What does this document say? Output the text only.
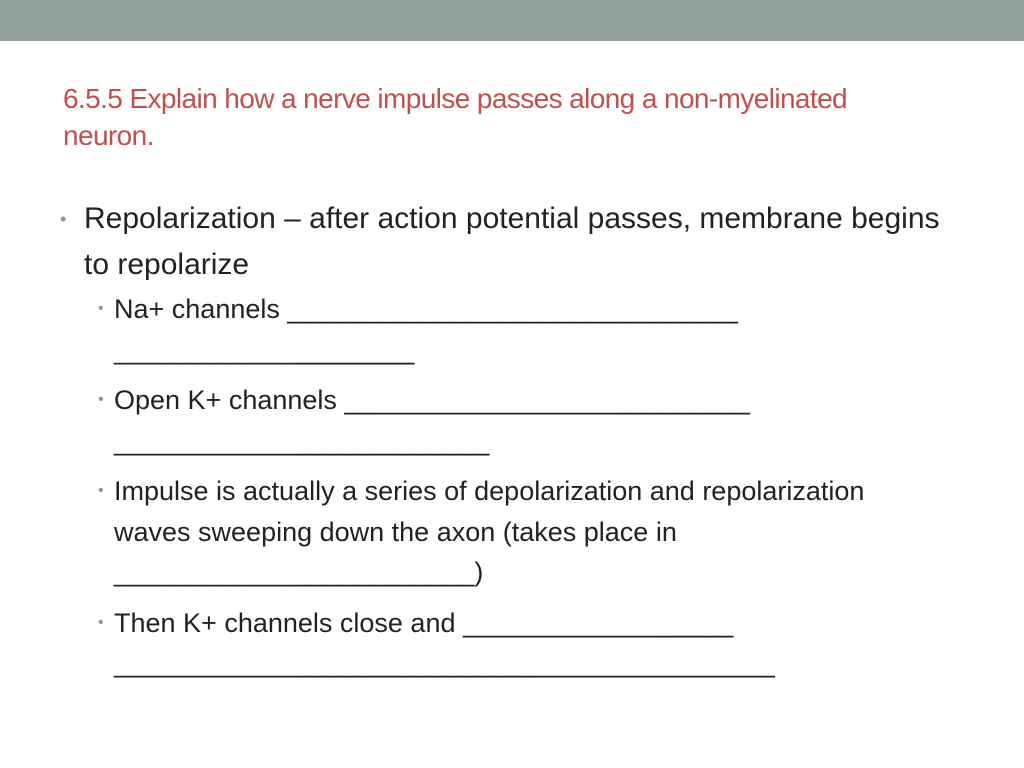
6.5.5 Explain how a nerve impulse passes along a non-myelinated neuron.
• Repolarization – after action potential passes, membrane begins to repolarize
• Na+ channels ______________________________ ____________________
• Open K+ channels ___________________________ _________________________
• Impulse is actually a series of depolarization and repolarization waves sweeping down the axon (takes place in ________________________)
• Then K+ channels close and __________________ ____________________________________________
